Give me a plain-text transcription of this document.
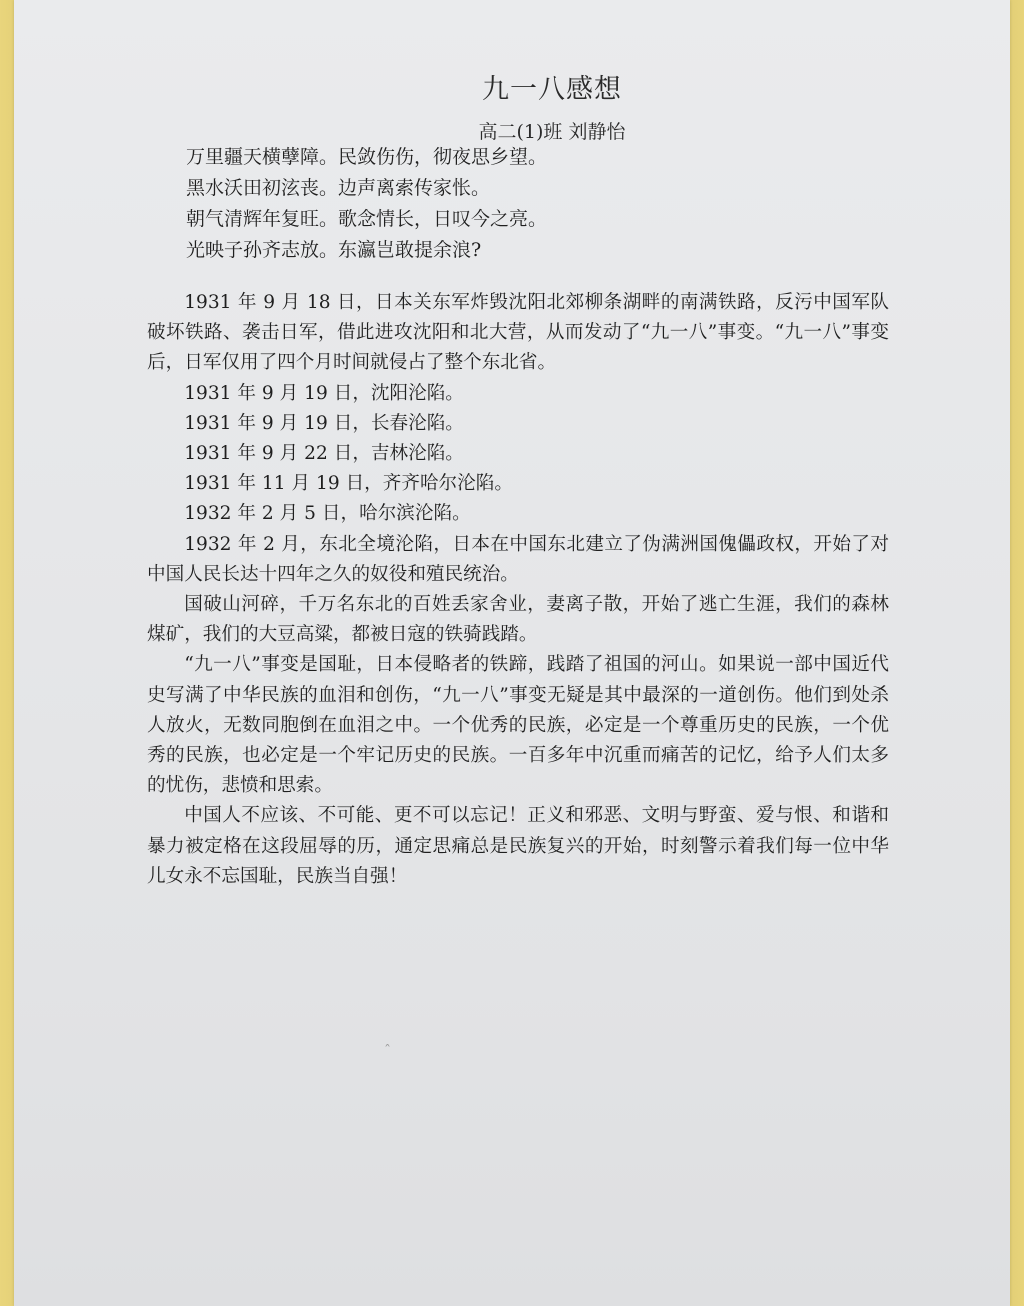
九一八感想
高二(1)班 刘静怡
万里疆天横孽障。民敛伤伤，彻夜思乡望。
黑水沃田初泫丧。边声离索传家怅。
朝气清辉年复旺。歌念情长，日叹今之亮。
光映子孙齐志放。东瀛岂敢提余浪?

1931 年 9 月 18 日，日本关东军炸毁沈阳北郊柳条湖畔的南满铁路，反污中国军队破坏铁路、袭击日军，借此进攻沈阳和北大营，从而发动了“九一八”事变。“九一八”事变后，日军仅用了四个月时间就侵占了整个东北省。

1931 年 9 月 19 日，沈阳沦陷。

1931 年 9 月 19 日，长春沦陷。

1931 年 9 月 22 日，吉林沦陷。

1931 年 11 月 19 日，齐齐哈尔沦陷。

1932 年 2 月 5 日，哈尔滨沦陷。

1932 年 2 月，东北全境沦陷，日本在中国东北建立了伪满洲国傀儡政权，开始了对中国人民长达十四年之久的奴役和殖民统治。

国破山河碎，千万名东北的百姓丢家舍业，妻离子散，开始了逃亡生涯，我们的森林煤矿，我们的大豆高粱，都被日寇的铁骑践踏。

“九一八”事变是国耻，日本侵略者的铁蹄，践踏了祖国的河山。如果说一部中国近代史写满了中华民族的血泪和创伤，“九一八”事变无疑是其中最深的一道创伤。他们到处杀人放火，无数同胞倒在血泪之中。一个优秀的民族，必定是一个尊重历史的民族，一个优秀的民族，也必定是一个牢记历史的民族。一百多年中沉重而痛苦的记忆，给予人们太多的忧伤，悲愤和思索。

中国人不应该、不可能、更不可以忘记！正义和邪恶、文明与野蛮、爱与恨、和谐和暴力被定格在这段屈辱的历，通定思痛总是民族复兴的开始，时刻警示着我们每一位中华儿女永不忘国耻，民族当自强！

ˆ
